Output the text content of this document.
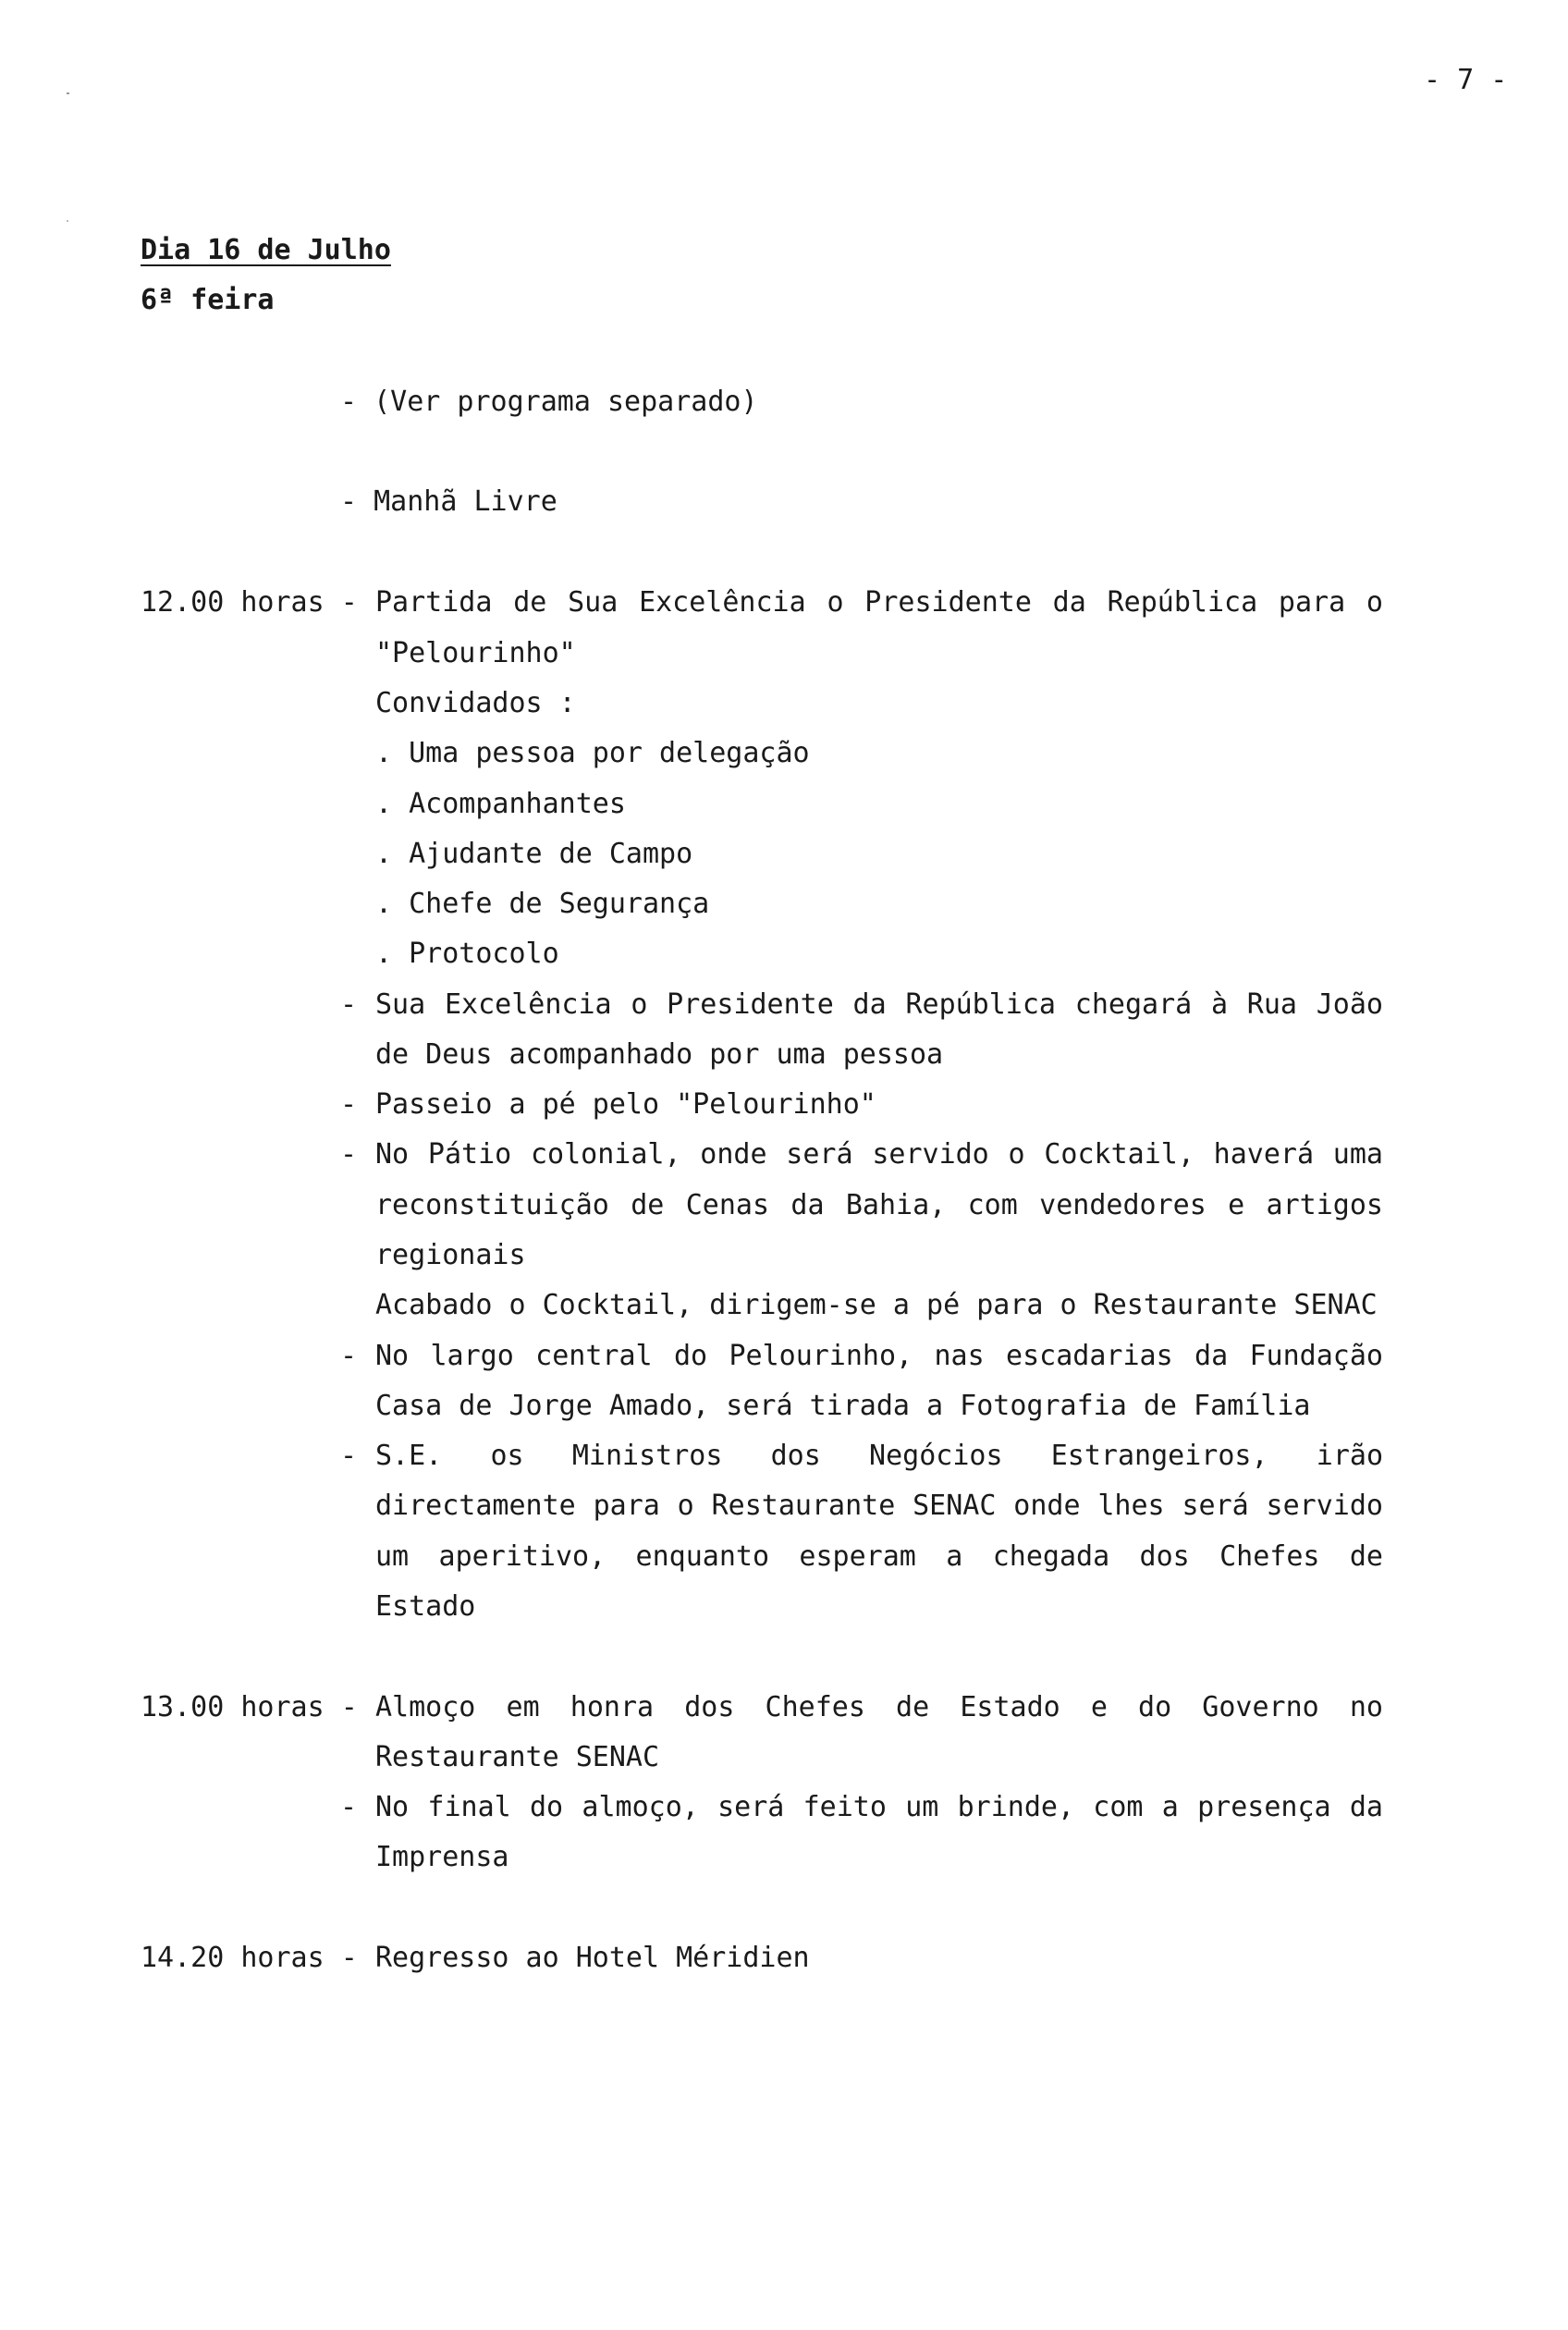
- 7 -
Dia 16 de Julho
6ª feira
- (Ver programa separado)
- Manhã Livre
12.00 horas - Partida de Sua Excelência o Presidente da República para o
"Pelourinho"
Convidados :
. Uma pessoa por delegação
. Acompanhantes
. Ajudante de Campo
. Chefe de Segurança
. Protocolo
- Sua Excelência o Presidente da República chegará à Rua João
de Deus acompanhado por uma pessoa
- Passeio a pé pelo "Pelourinho"
- No Pátio colonial, onde será servido o Cocktail, haverá uma
reconstituição de Cenas da Bahia, com vendedores e artigos
regionais
Acabado o Cocktail, dirigem-se a pé para o Restaurante SENAC
- No largo central do Pelourinho, nas escadarias da Fundação
Casa de Jorge Amado, será tirada a Fotografia de Família
- S.E. os Ministros dos Negócios Estrangeiros, irão
directamente para o Restaurante SENAC onde lhes será servido
um aperitivo, enquanto esperam a chegada dos Chefes de
Estado
13.00 horas - Almoço em honra dos Chefes de Estado e do Governo no
Restaurante SENAC
- No final do almoço, será feito um brinde, com a presença da
Imprensa
14.20 horas - Regresso ao Hotel Méridien
